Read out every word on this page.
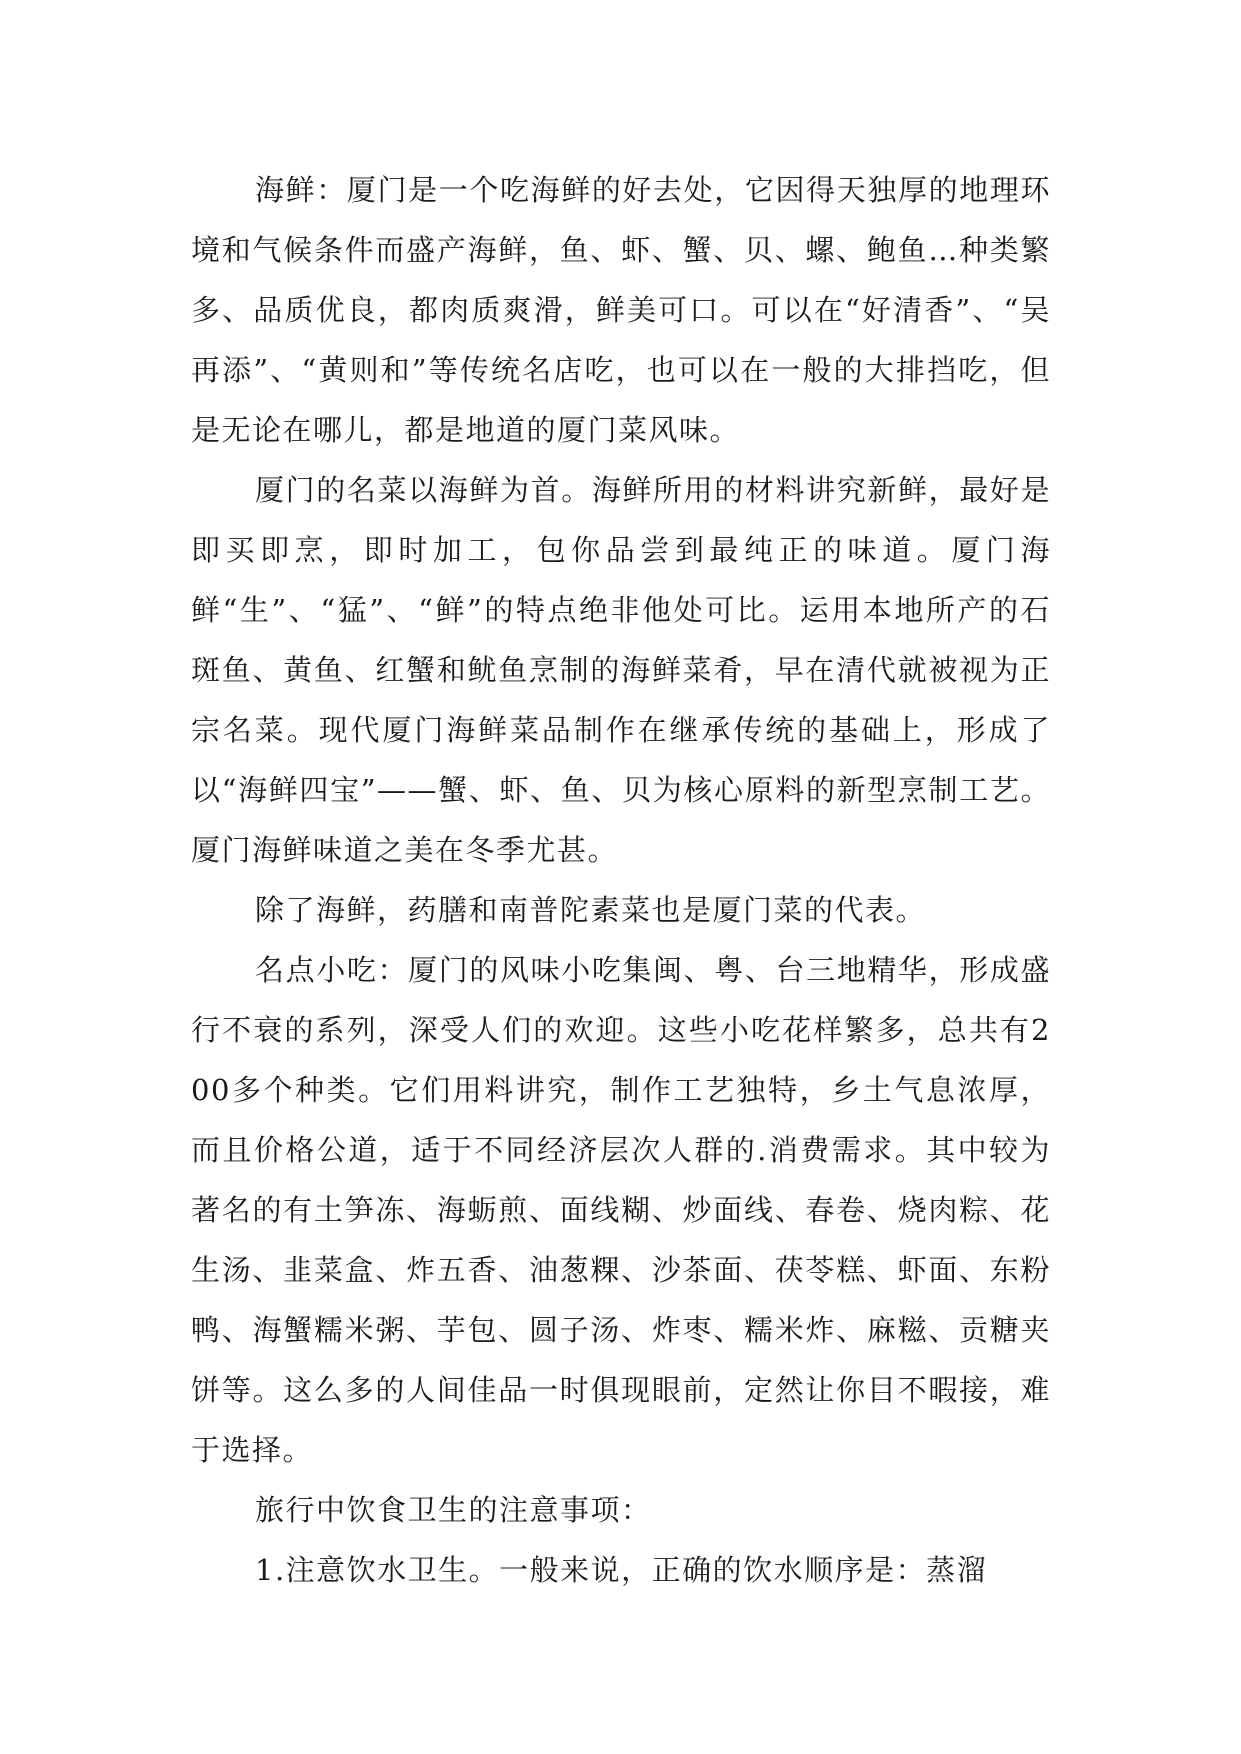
海鲜：厦门是一个吃海鲜的好去处，它因得天独厚的地理环境和气候条件而盛产海鲜，鱼、虾、蟹、贝、螺、鲍鱼…种类繁多、品质优良，都肉质爽滑，鲜美可口。可以在“好清香”、“吴再添”、“黄则和”等传统名店吃，也可以在一般的大排挡吃，但是无论在哪儿，都是地道的厦门菜风味。

厦门的名菜以海鲜为首。海鲜所用的材料讲究新鲜，最好是即买即烹，即时加工，包你品尝到最纯正的味道。厦门海鲜“生”、“猛”、“鲜”的特点绝非他处可比。运用本地所产的石斑鱼、黄鱼、红蟹和鱿鱼烹制的海鲜菜肴，早在清代就被视为正宗名菜。现代厦门海鲜菜品制作在继承传统的基础上，形成了以“海鲜四宝”——蟹、虾、鱼、贝为核心原料的新型烹制工艺。厦门海鲜味道之美在冬季尤甚。

除了海鲜，药膳和南普陀素菜也是厦门菜的代表。

名点小吃：厦门的风味小吃集闽、粤、台三地精华，形成盛行不衰的系列，深受人们的欢迎。这些小吃花样繁多，总共有200多个种类。它们用料讲究，制作工艺独特，乡土气息浓厚，而且价格公道，适于不同经济层次人群的.消费需求。其中较为著名的有土笋冻、海蛎煎、面线糊、炒面线、春卷、烧肉粽、花生汤、韭菜盒、炸五香、油葱粿、沙茶面、茯苓糕、虾面、东粉鸭、海蟹糯米粥、芋包、圆子汤、炸枣、糯米炸、麻糍、贡糖夹饼等。这么多的人间佳品一时俱现眼前，定然让你目不暇接，难于选择。

旅行中饮食卫生的注意事项：

1.注意饮水卫生。一般来说，正确的饮水顺序是：蒸溜
